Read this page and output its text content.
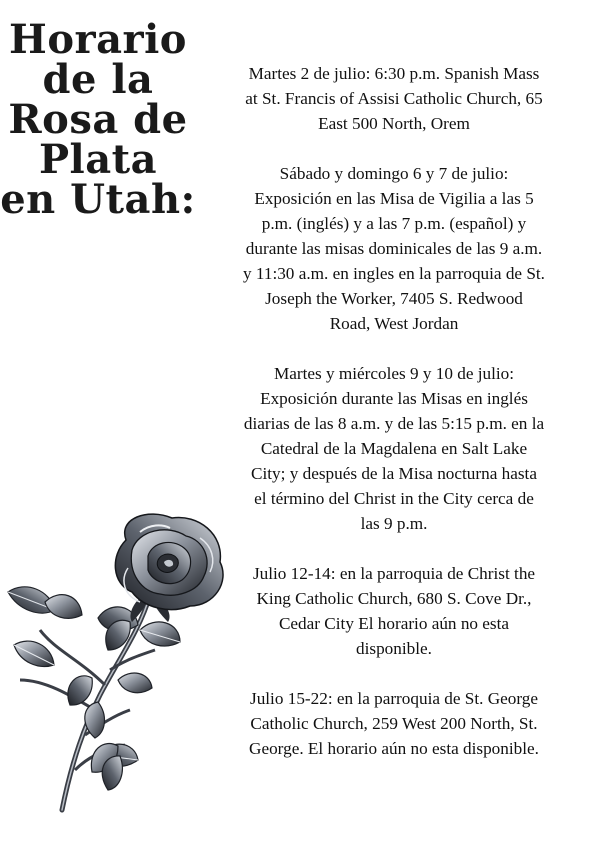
Horario
de la
Rosa de
Plata
en Utah:
Martes 2 de julio: 6:30 p.m. Spanish Mass
at St. Francis of Assisi Catholic Church, 65
East 500 North, Orem
Sábado y domingo 6 y 7 de julio:
Exposición en las Misa de Vigilia a las 5
p.m. (inglés) y a las 7 p.m. (español) y
durante las misas dominicales de las 9 a.m.
y 11:30 a.m. en ingles en la parroquia de St.
Joseph the Worker, 7405 S. Redwood
Road, West Jordan
Martes y miércoles 9 y 10 de julio:
Exposición durante las Misas en inglés
diarias de las 8 a.m. y de las 5:15 p.m. en la
Catedral de la Magdalena en Salt Lake
City; y después de la Misa nocturna hasta
el término del Christ in the City cerca de
las 9 p.m.
Julio 12-14: en la parroquia de Christ the
King Catholic Church, 680 S. Cove Dr.,
Cedar City El horario aún no esta
disponible.
Julio 15-22: en la parroquia de St. George
Catholic Church, 259 West 200 North, St.
George. El horario aún no esta disponible.
